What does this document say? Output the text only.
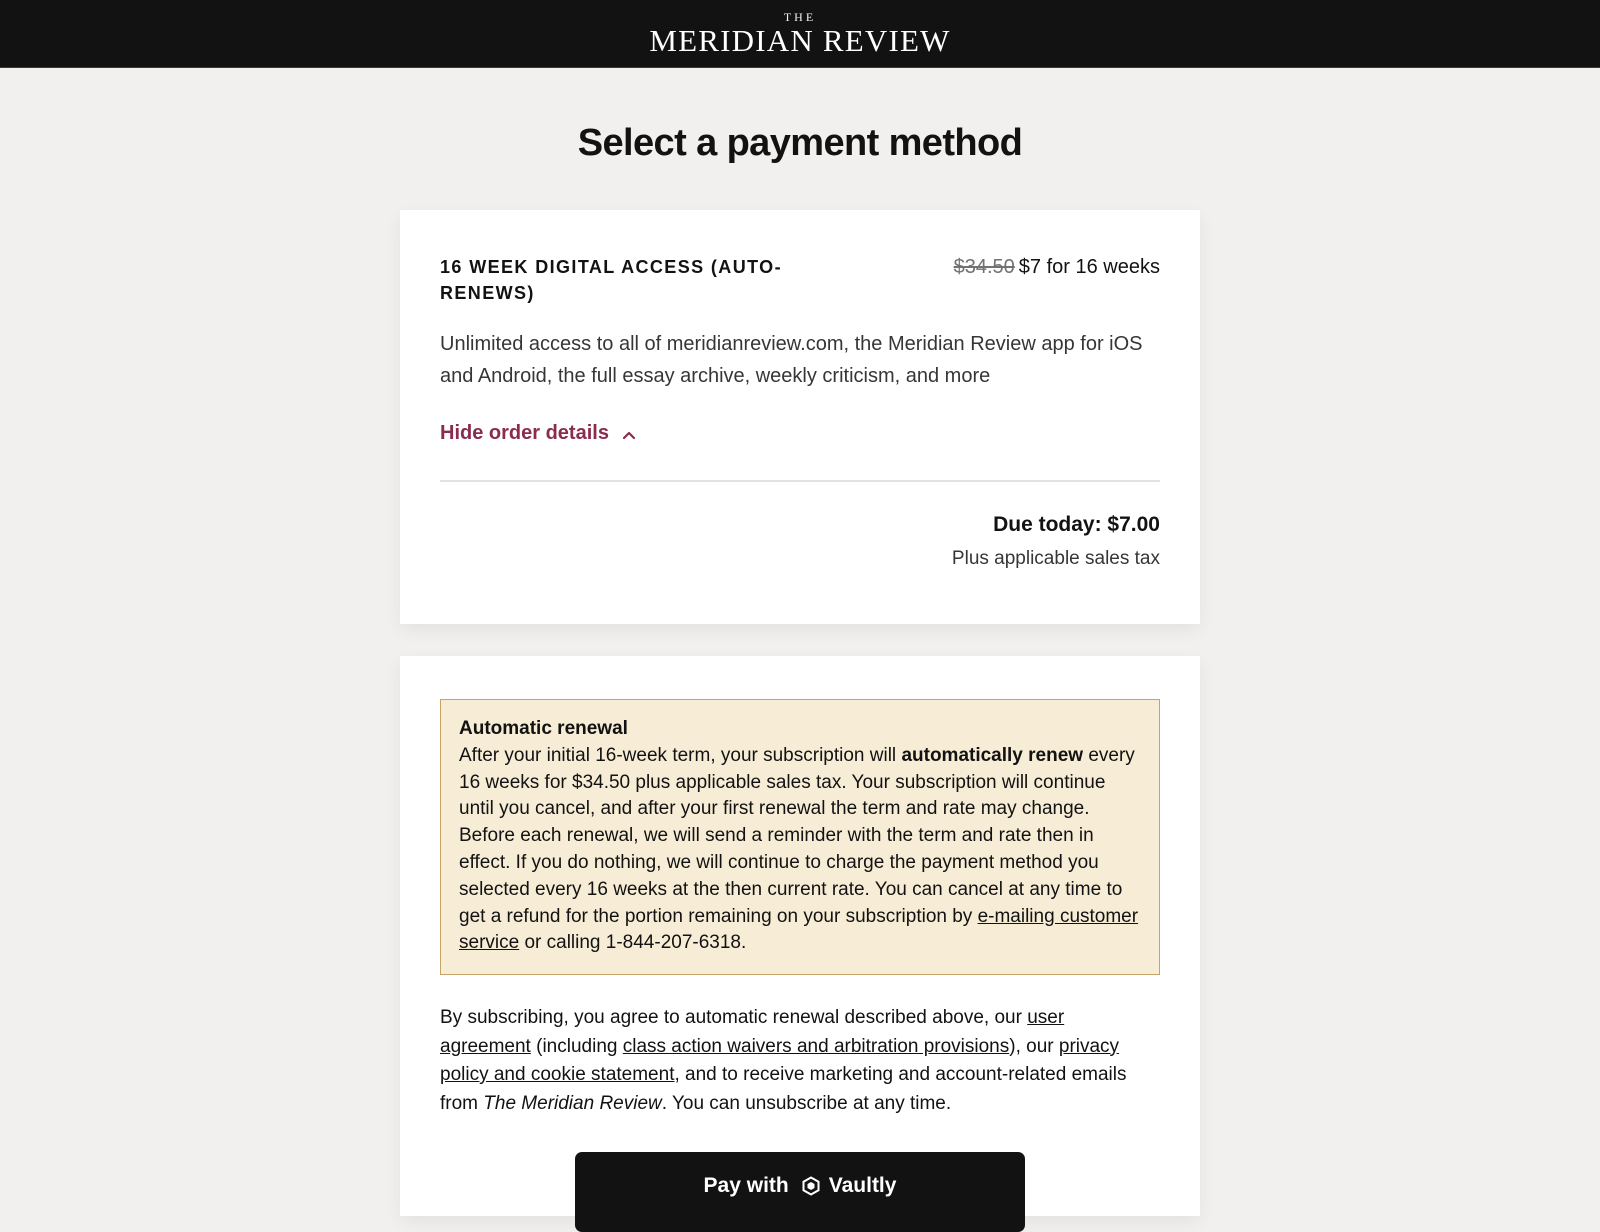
THE
MERIDIAN REVIEW
Select a payment method
16 WEEK DIGITAL ACCESS (AUTO-RENEWS)
$34.50 $7 for 16 weeks
Unlimited access to all of meridianreview.com, the Meridian Review app for iOS and Android, the full essay archive, weekly criticism, and more
Hide order details
Due today: $7.00
Plus applicable sales tax
Automatic renewal
After your initial 16-week term, your subscription will automatically renew every 16 weeks for $34.50 plus applicable sales tax. Your subscription will continue until you cancel, and after your first renewal the term and rate may change. Before each renewal, we will send a reminder with the term and rate then in effect. If you do nothing, we will continue to charge the payment method you selected every 16 weeks at the then current rate. You can cancel at any time to get a refund for the portion remaining on your subscription by e-mailing customer service or calling 1-844-207-6318.
By subscribing, you agree to automatic renewal described above, our user agreement (including class action waivers and arbitration provisions), our privacy policy and cookie statement, and to receive marketing and account-related emails from The Meridian Review. You can unsubscribe at any time.
Pay with Vaultly
